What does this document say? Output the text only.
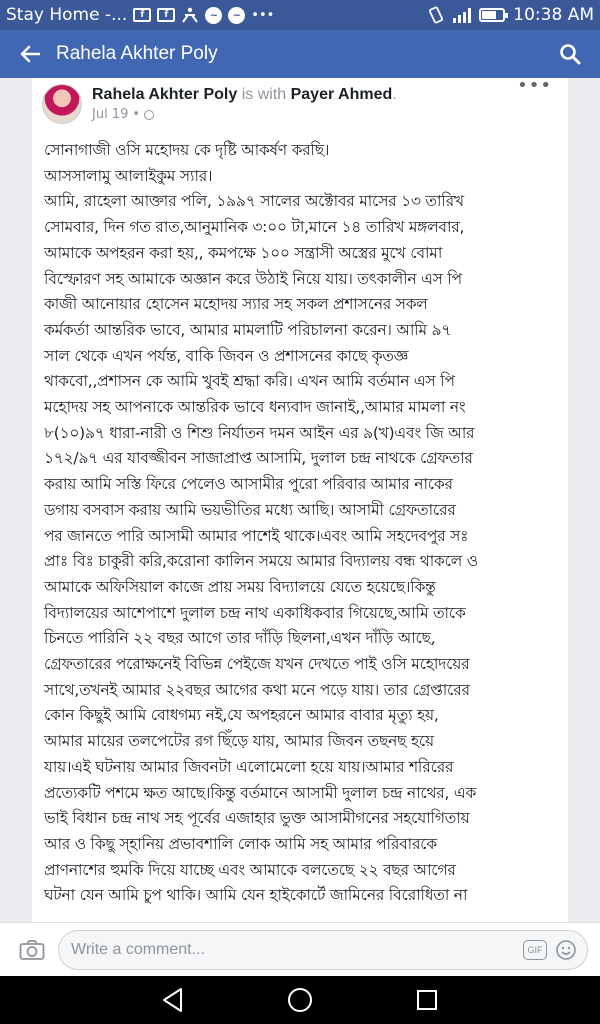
Stay Home -...	f	f	~	~ •••	10:38 AM
Rahela Akhter Poly
Rahela Akhter Poly is with Payer Ahmed.
Jul 19 •
•••

সোনাগাজী ওসি মহোদয় কে দৃষ্টি আকর্ষণ করছি।

আসসালামু আলাইকুম স্যার।

আমি, রাহেলা আক্তার পলি, ১৯৯৭ সালের অক্টোবর মাসের ১৩ তারিখ

সোমবার, দিন গত রাত,আনুমানিক ৩:০০ টা,মানে ১৪ তারিখ মঙ্গলবার,

আমাকে অপহরন করা হয়,, কমপক্ষে ১০০ সন্ত্রাসী অস্ত্রের মুখে বোমা

বিস্ফোরণ সহ আমাকে অজ্ঞান করে উঠাই নিয়ে যায়। তৎকালীন এস পি

কাজী আনোয়ার হোসেন মহোদয় স্যার সহ সকল প্রশাসনের সকল

কর্মকর্তা আন্তরিক ভাবে, আমার মামলাটি পরিচালনা করেন। আমি ৯৭

সাল থেকে এখন পর্যন্ত, বাকি জিবন ও প্রশাসনের কাছে কৃতজ্ঞ

থাকবো,,প্রশাসন কে আমি খুবই শ্রদ্ধা করি। এখন আমি বর্তমান এস পি

মহোদয় সহ আপনাকে আন্তরিক ভাবে ধন্যবাদ জানাই,,আমার মামলা নং

৮(১০)৯৭ ধারা-নারী ও শিশু নির্যাতন দমন আইন এর ৯(খ)এবং জি আর

১৭২/৯৭ এর যাবজ্জীবন সাজাপ্রাপ্ত আসামি, দুলাল চন্দ্র নাথকে গ্রেফতার

করায় আমি সস্তি ফিরে পেলেও আসামীর পুরো পরিবার আমার নাকের

ডগায় বসবাস করায় আমি ভয়ভীতির মধ্যে আছি। আসামী গ্রেফতারের

পর জানতে পারি আসামী আমার পাশেই থাকে।এবং আমি সহদেবপুর সঃ

প্রাঃ বিঃ চাকুরী করি,করোনা কালিন সময়ে আমার বিদ্যালয় বন্ধ থাকলে ও

আমাকে অফিসিয়াল কাজে প্রায় সময় বিদ্যালয়ে যেতে হয়েছে।কিন্তু

বিদ্যালয়ের আশেপাশে দুলাল চন্দ্র নাথ একাধিকবার গিয়েছে,আমি তাকে

চিনতে পারিনি ২২ বছর আগে তার দাঁড়ি ছিলনা,এখন দাঁড়ি আছে,

গ্রেফতারের পরোক্ষনেই বিভিন্ন পেইজে যখন দেখতে পাই ওসি মহোদয়ের

সাথে,তখনই আমার ২২বছর আগের কথা মনে পড়ে যায়। তার গ্রেপ্তারের

কোন কিছুই আমি বোধগম্য নই,যে অপহরনে আমার বাবার মৃত্যু হয়,

আমার মায়ের তলপেটের রগ ছিঁড়ে যায়, আমার জিবন তছনছ হয়ে

যায়।এই ঘটনায় আমার জিবনটা এলোমেলো হয়ে যায়।আমার শরিরের

প্রত্যেকটি পশমে ক্ষত আছে।কিন্তু বর্তমানে আসামী দুলাল চন্দ্র নাথের, এক

ভাই বিধান চন্দ্র নাথ সহ পূর্বের এজাহার ভুক্ত আসামীগনের সহযোগিতায়

আর ও কিছু স্হানিয় প্রভাবশালি লোক আমি সহ আমার পরিবারকে

প্রাণনাশের হুমকি দিয়ে যাচ্ছে এবং আমাকে বলতেছে ২২ বছর আগের

ঘটনা যেন আমি চুপ থাকি। আমি যেন হাইকোর্টে জামিনের বিরোধিতা না

Write a comment...
GIF
